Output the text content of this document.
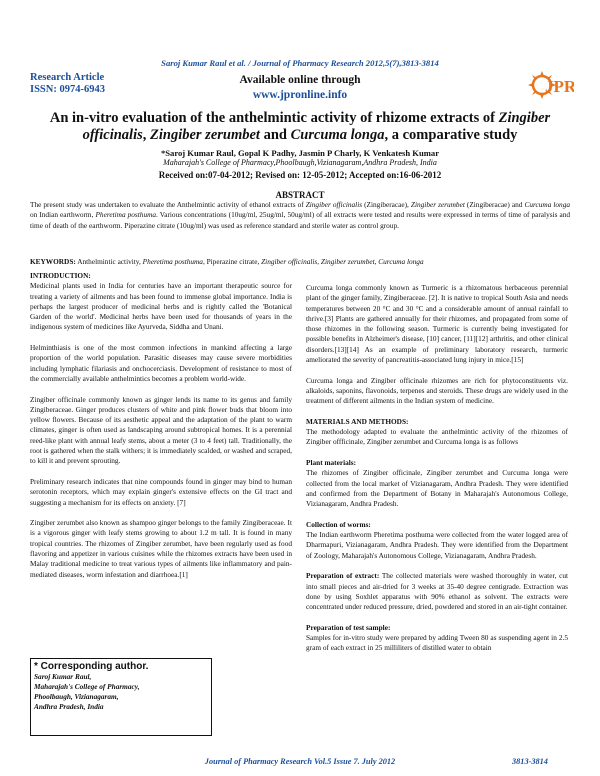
Saroj Kumar Raul et al. / Journal of Pharmacy Research 2012,5(7),3813-3814
JPR
Research Article
ISSN: 0974-6943
Available online through
www.jpronline.info
An in-vitro evaluation of the anthelmintic activity of rhizome extracts of Zingiber officinalis, Zingiber zerumbet and Curcuma longa, a comparative study
*Saroj Kumar Raul, Gopal K Padhy, Jasmin P Charly, K Venkatesh Kumar
Maharajah's College of Pharmacy,Phoolbaugh,Vizianagaram,Andhra Pradesh, India
Received on:07-04-2012; Revised on: 12-05-2012; Accepted on:16-06-2012
ABSTRACT
The present study was undertaken to evaluate the Anthelmintic activity of ethanol extracts of Zingiber officinalis (Zingiberacae), Zingiber zerumbet (Zingiberacae) and Curcuma longa on Indian earthworm, Pheretima posthuma. Various concentrations (10ug/ml, 25ug/ml, 50ug/ml) of all extracts were tested and results were expressed in terms of time of paralysis and time of death of the earthworm. Piperazine citrate (10ug/ml) was used as reference standard and sterile water as control group.
KEYWORDS: Anthelmintic activity, Pheretima posthuma, Piperazine citrate, Zingiber officinalis, Zingiber zerumbet, Curcuma longa
INTRODUCTION:

Medicinal plants used in India for centuries have an important therapeutic source for treating a variety of ailments and has been found to immense global importance. India is perhaps the largest producer of medicinal herbs and is rightly called the 'Botanical Garden of the world'. Medicinal herbs have been used for thousands of years in the indigenous system of medicines like Ayurveda, Siddha and Unani.

Helminthiasis is one of the most common infections in mankind affecting a large proportion of the world population. Parasitic diseases may cause severe morbidities including lymphatic filariasis and onchocerciasis. Development of resistance to most of the commercially available anthelmintics becomes a problem world-wide.

Zingiber officinale commonly known as ginger lends its name to its genus and family Zingiberaceae. Ginger produces clusters of white and pink flower buds that bloom into yellow flowers. Because of its aesthetic appeal and the adaptation of the plant to warm climates, ginger is often used as landscaping around subtropical homes. It is a perennial reed-like plant with annual leafy stems, about a meter (3 to 4 feet) tall. Traditionally, the root is gathered when the stalk withers; it is immediately scalded, or washed and scraped, to kill it and prevent sprouting.

Preliminary research indicates that nine compounds found in ginger may bind to human serotonin receptors, which may explain ginger's extensive effects on the GI tract and suggesting a mechanism for its effects on anxiety. [7]

Zingiber zerumbet also known as shampoo ginger belongs to the family Zingiberaceae. It is a vigorous ginger with leafy stems growing to about 1.2 m tall. It is found in many tropical countries. The rhizomes of Zingiber zerumbet, have been regularly used as food flavoring and appetizer in various cuisines while the rhizomes extracts have been used in Malay traditional medicine to treat various types of ailments like inflammatory and pain-mediated diseases, worm infestation and diarrhoea.[1]

Curcuma longa commonly known as Turmeric is a rhizomatous herbaceous perennial plant of the ginger family, Zingiberaceae. [2]. It is native to tropical South Asia and needs temperatures between 20 °C and 30 °C and a considerable amount of annual rainfall to thrive.[3] Plants are gathered annually for their rhizomes, and propagated from some of those rhizomes in the following season. Turmeric is currently being investigated for possible benefits in Alzheimer's disease, [10] cancer, [11][12] arthritis, and other clinical disorders.[13][14] As an example of preliminary laboratory research, turmeric ameliorated the severity of pancreatitis-associated lung injury in mice.[15]

Curcuma longa and Zingiber officinale rhizomes are rich for phytoconstituents viz. alkaloids, saponins, flavonoids, terpenes and steroids. These drugs are widely used in the treatment of different ailments in the Indian system of medicine.

MATERIALS AND METHODS:

The methodology adapted to evaluate the anthelmintic activity of the rhizomes of Zingiber offficinale, Zingiber zerumbet and Curcuma longa is as follows

Plant materials:

The rhizomes of Zingiber officinale, Zingiber zerumbet and Curcuma longa were collected from the local market of Vizianagaram, Andhra Pradesh. They were identified and confirmed from the Department of Botany in Maharajah's Autonomous College, Vizianagaram, Andhra Pradesh.

Collection of worms:

The Indian earthworm Pheretima posthuma were collected from the water logged area of Dharmapuri, Vizianagaram, Andhra Pradesh. They were identified from the Department of Zoology, Maharajah's Autonomous College, Vizianagaram, Andhra Pradesh.

Preparation of extract: The collected materials were washed thoroughly in water, cut into small pieces and air-dried for 3 weeks at 35-40 degree centigrade. Extraction was done by using Soxhlet apparatus with 90% ethanol as solvent. The extracts were concentrated under reduced pressure, dried, powdered and stored in an air-tight container.

Preparation of test sample:
Samples for in-vitro study were prepared by adding Tween 80 as suspending agent in 2.5 gram of each extract in 25 milliliters of distilled water to obtain
* Corresponding author.
Saroj Kumar Raul,
Maharajah's College of Pharmacy,
Phoolbaugh, Vizianagaram,
Andhra Pradesh, India
Journal of Pharmacy Research Vol.5 Issue 7. July 2012	3813-3814
